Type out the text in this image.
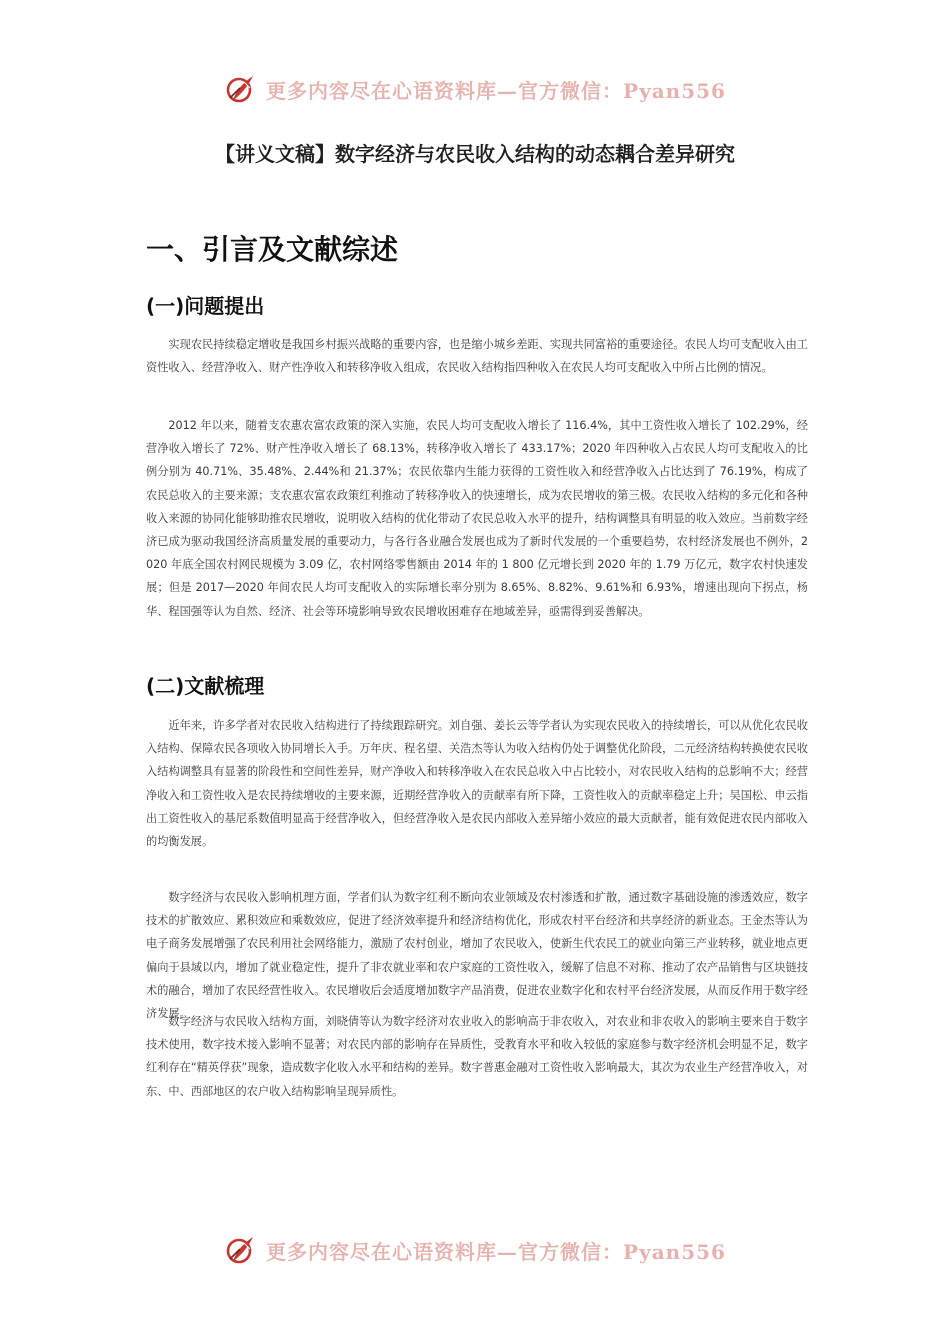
更多内容尽在心语资料库—官方微信：Pyan556
【讲义文稿】数字经济与农民收入结构的动态耦合差异研究
一、引言及文献综述
(一)问题提出

实现农民持续稳定增收是我国乡村振兴战略的重要内容，也是缩小城乡差距、实现共同富裕的重要途径。农民人均可支配收入由工资性收入、经营净收入、财产性净收入和转移净收入组成，农民收入结构指四种收入在农民人均可支配收入中所占比例的情况。

2012 年以来，随着支农惠农富农政策的深入实施，农民人均可支配收入增长了 116.4%，其中工资性收入增长了 102.29%，经营净收入增长了 72%、财产性净收入增长了 68.13%，转移净收入增长了 433.17%；2020 年四种收入占农民人均可支配收入的比例分别为 40.71%、35.48%、2.44%和 21.37%；农民依靠内生能力获得的工资性收入和经营净收入占比达到了 76.19%，构成了农民总收入的主要来源；支农惠农富农政策红利推动了转移净收入的快速增长，成为农民增收的第三极。农民收入结构的多元化和各种收入来源的协同化能够助推农民增收，说明收入结构的优化带动了农民总收入水平的提升，结构调整具有明显的收入效应。当前数字经济已成为驱动我国经济高质量发展的重要动力，与各行各业融合发展也成为了新时代发展的一个重要趋势，农村经济发展也不例外，2020 年底全国农村网民规模为 3.09 亿，农村网络零售额由 2014 年的 1 800 亿元增长到 2020 年的 1.79 万亿元，数字农村快速发展；但是 2017—2020 年间农民人均可支配收入的实际增长率分别为 8.65%、8.82%、9.61%和 6.93%，增速出现向下拐点，杨华、程国强等认为自然、经济、社会等环境影响导致农民增收困难存在地域差异，亟需得到妥善解决。

(二)文献梳理

近年来，许多学者对农民收入结构进行了持续跟踪研究。刘自强、姜长云等学者认为实现农民收入的持续增长，可以从优化农民收入结构、保障农民各项收入协同增长入手。万年庆、程名望、关浩杰等认为收入结构仍处于调整优化阶段，二元经济结构转换使农民收入结构调整具有显著的阶段性和空间性差异，财产净收入和转移净收入在农民总收入中占比较小，对农民收入结构的总影响不大；经营净收入和工资性收入是农民持续增收的主要来源，近期经营净收入的贡献率有所下降，工资性收入的贡献率稳定上升；吴国松、申云指出工资性收入的基尼系数值明显高于经营净收入，但经营净收入是农民内部收入差异缩小效应的最大贡献者，能有效促进农民内部收入的均衡发展。

数字经济与农民收入影响机理方面，学者们认为数字红利不断向农业领域及农村渗透和扩散，通过数字基础设施的渗透效应，数字技术的扩散效应、累积效应和乘数效应，促进了经济效率提升和经济结构优化，形成农村平台经济和共享经济的新业态。王金杰等认为电子商务发展增强了农民利用社会网络能力，激励了农村创业，增加了农民收入，使新生代农民工的就业向第三产业转移，就业地点更偏向于县域以内，增加了就业稳定性，提升了非农就业率和农户家庭的工资性收入，缓解了信息不对称、推动了农产品销售与区块链技术的融合，增加了农民经营性收入。农民增收后会适度增加数字产品消费，促进农业数字化和农村平台经济发展，从而反作用于数字经济发展。

数字经济与农民收入结构方面，刘晓倩等认为数字经济对农业收入的影响高于非农收入，对农业和非农收入的影响主要来自于数字技术使用，数字技术接入影响不显著；对农民内部的影响存在异质性，受教育水平和收入较低的家庭参与数字经济机会明显不足，数字红利存在“精英俘获”现象，造成数字化收入水平和结构的差异。数字普惠金融对工资性收入影响最大，其次为农业生产经营净收入，对东、中、西部地区的农户收入结构影响呈现异质性。

更多内容尽在心语资料库—官方微信：Pyan556
